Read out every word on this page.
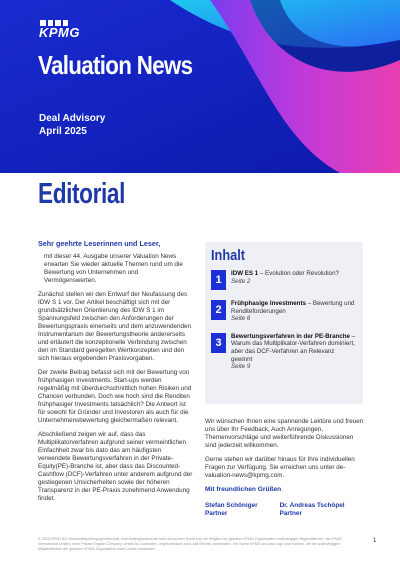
KPMG
Valuation News
Deal Advisory
April 2025
Editorial
Sehr geehrte Leserinnen und Leser,

mit dieser 44. Ausgabe unserer Valuation News erwarten Sie wieder aktuelle Themen rund um die Bewertung von Unternehmen und Vermögenswerten.

Zunächst stellen wir den Entwurf der Neufassung des IDW S 1 vor. Der Artikel beschäftigt sich mit der grundsätzlichen Orientierung des IDW S 1 im Spannungsfeld zwischen den Anforderungen der Bewertungspraxis einerseits und dem anzuwendenden Instrumentarium der Bewertungstheorie andererseits und erläutert die konzeptionelle Verbindung zwischen den im Standard geregelten Wertkonzepten und den sich hieraus ergebenden Praxisvorgaben.

Der zweite Beitrag befasst sich mit der Bewertung von frühphasigen Investments. Start-ups werden regelmäßig mit überdurchschnittlich hohen Risiken und Chancen verbunden. Doch wie hoch sind die Renditen frühphasiger Investments tatsächlich? Die Antwort ist für sowohl für Gründer und Investoren als auch für die Unternehmensbewertung gleichermaßen relevant.

Abschließend zeigen wir auf, dass das Multiplikatorverfahren aufgrund seiner vermeintlichen Einfachheit zwar bis dato das am häufigsten verwendete Bewertungsverfahren in der Private-Equity(PE)-Branche ist, aber dass das Discounted-Cashflow (DCF)-Verfahren unter anderem aufgrund der gestiegenen Unsicherheiten sowie der höheren Transparenz in der PE-Praxis zunehmend Anwendung findet.

Inhalt
1
IDW ES 1 – Evolution oder Revolution?
Seite 2
2
Frühphasige Investments – Bewertung und Renditeforderungen
Seite 6
3
Bewertungsverfahren in der PE-Branche – Warum das Multiplikator-Verfahren dominiert, aber das DCF-Verfahren an Relevanz gewinnt
Seite 9

Wir wünschen Ihnen eine spannende Lektüre und freuen uns über Ihr Feedback, Auch Anregungen, Themenvorschläge und weiterführende Diskussionen sind jederzeit willkommen.

Gerne stehen wir darüber hinaus für Ihre individuellen Fragen zur Verfügung. Sie erreichen uns unter de-valuation-news@kpmg.com.

Mit freundlichen Grüßen
Stefan Schöniger
Partner
Dr. Andreas Tschöpel
Partner
© 2025 KPMG AG Wirtschaftsprüfungsgesellschaft, eine Aktiengesellschaft nach deutschem Recht und ein Mitglied der globalen KPMG-Organisation unabhängiger Mitgliedsfirmen, die KPMG International Limited, einer Private English Company Limited by Guarantee, angeschlossen sind. Alle Rechte vorbehalten. Der Name KPMG und das Logo sind Marken, die die unabhängigen Mitgliedsfirmen der globalen KPMG-Organisation unter Lizenz verwenden.
1
